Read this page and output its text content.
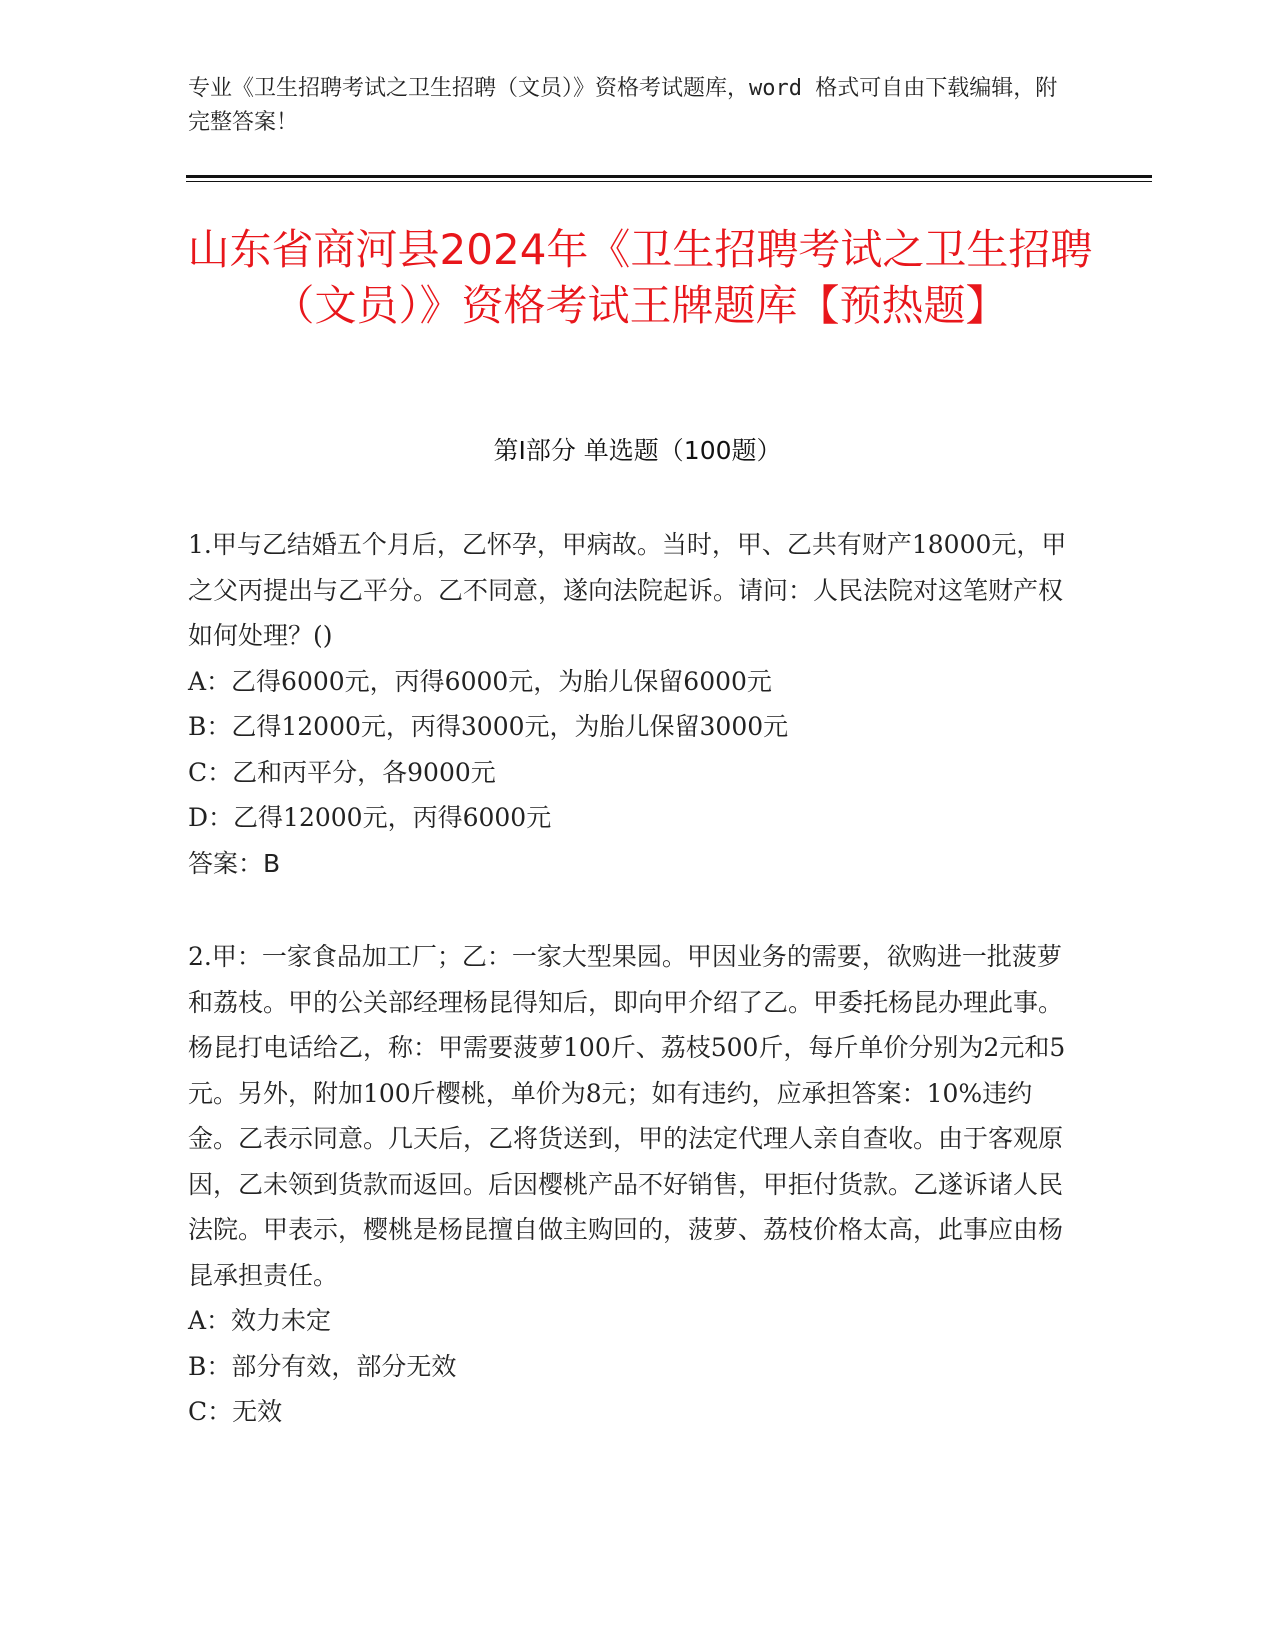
专业《卫生招聘考试之卫生招聘（文员）》资格考试题库，word 格式可自由下载编辑，附完整答案！
山东省商河县2024年《卫生招聘考试之卫生招聘（文员）》资格考试王牌题库【预热题】
第Ⅰ部分 单选题（100题）
1.甲与乙结婚五个月后，乙怀孕，甲病故。当时，甲、乙共有财产18000元，甲之父丙提出与乙平分。乙不同意，遂向法院起诉。请问：人民法院对这笔财产权如何处理？()
A：乙得6000元，丙得6000元，为胎儿保留6000元
B：乙得12000元，丙得3000元，为胎儿保留3000元
C：乙和丙平分，各9000元
D：乙得12000元，丙得6000元
答案：B
2.甲：一家食品加工厂；乙：一家大型果园。甲因业务的需要，欲购进一批菠萝和荔枝。甲的公关部经理杨昆得知后，即向甲介绍了乙。甲委托杨昆办理此事。杨昆打电话给乙，称：甲需要菠萝100斤、荔枝500斤，每斤单价分别为2元和5元。另外，附加100斤樱桃，单价为8元；如有违约，应承担答案：10%违约金。乙表示同意。几天后，乙将货送到，甲的法定代理人亲自查收。由于客观原因，乙未领到货款而返回。后因樱桃产品不好销售，甲拒付货款。乙遂诉诸人民法院。甲表示，樱桃是杨昆擅自做主购回的，菠萝、荔枝价格太高，此事应由杨昆承担责任。
A：效力未定
B：部分有效，部分无效
C：无效
